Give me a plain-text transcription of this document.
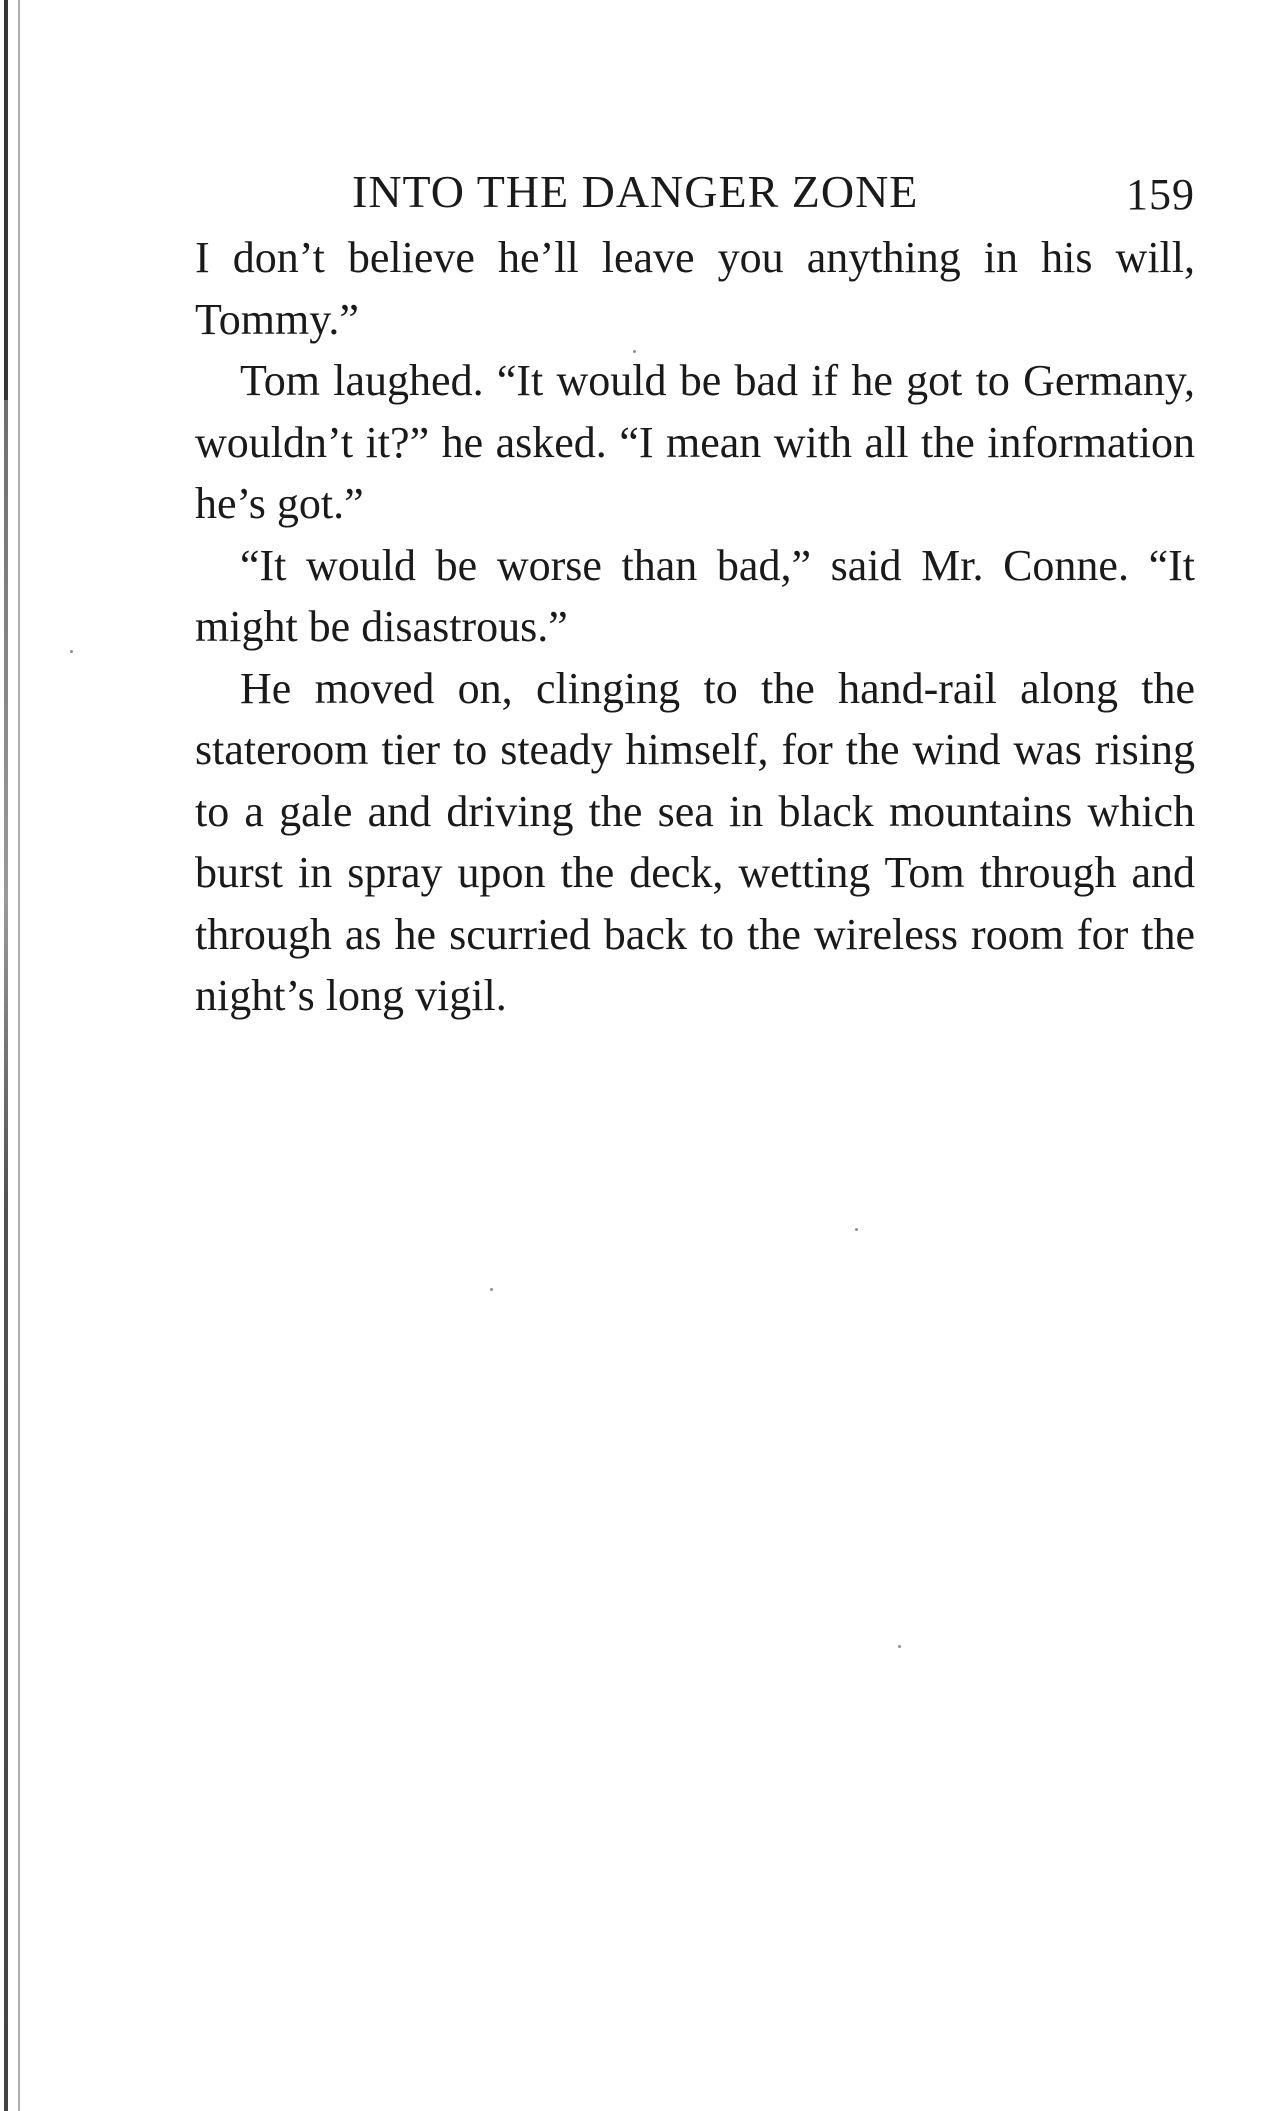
INTO THE DANGER ZONE	159

I don’t believe he’ll leave you anything in his will, Tommy.”

Tom laughed. “It would be bad if he got to Germany, wouldn’t it?” he asked. “I mean with all the information he’s got.”

“It would be worse than bad,” said Mr. Conne. “It might be disastrous.”

He moved on, clinging to the hand-rail along the stateroom tier to steady himself, for the wind was rising to a gale and driving the sea in black mountains which burst in spray upon the deck, wetting Tom through and through as he scurried back to the wireless room for the night’s long vigil.
